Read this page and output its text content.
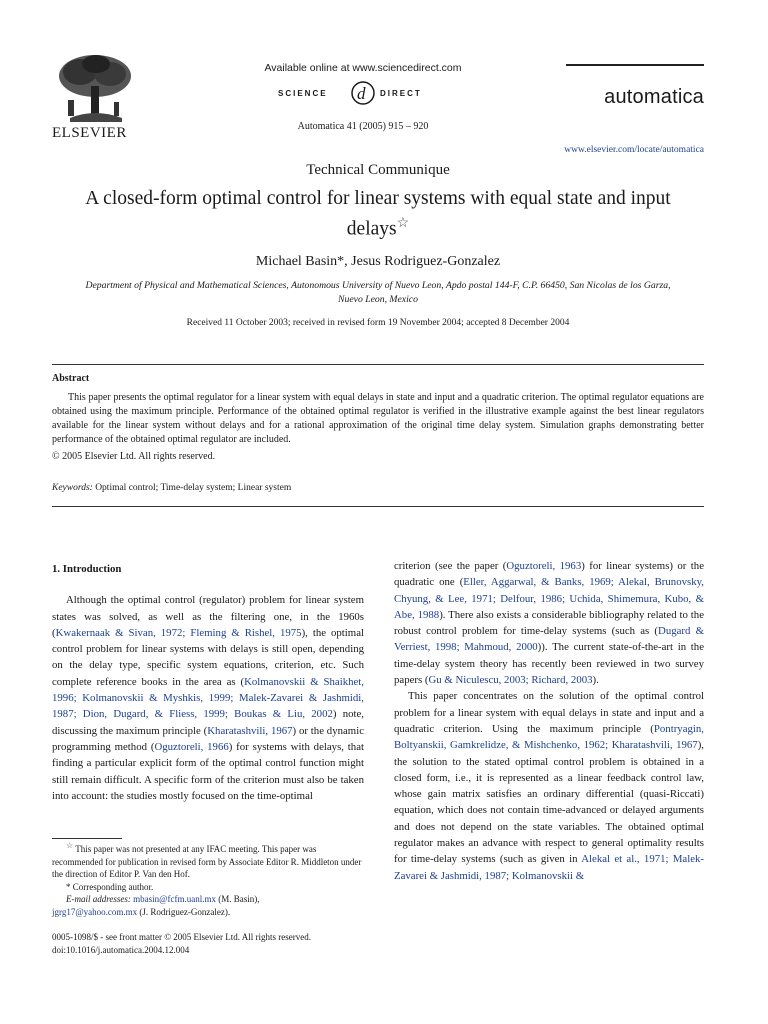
ELSEVIER
Available online at www.sciencedirect.com
SCIENCE d DIRECT
Automatica 41 (2005) 915 – 920
automatica
www.elsevier.com/locate/automatica
Technical Communique
A closed-form optimal control for linear systems with equal state and input delays☆
Michael Basin*, Jesus Rodriguez-Gonzalez
Department of Physical and Mathematical Sciences, Autonomous University of Nuevo Leon, Apdo postal 144-F, C.P. 66450, San Nicolas de los Garza,
Nuevo Leon, Mexico
Received 11 October 2003; received in revised form 19 November 2004; accepted 8 December 2004
Abstract

This paper presents the optimal regulator for a linear system with equal delays in state and input and a quadratic criterion. The optimal regulator equations are obtained using the maximum principle. Performance of the obtained optimal regulator is verified in the illustrative example against the best linear regulators available for the linear system without delays and for a rational approximation of the original time delay system. Simulation graphs demonstrating better performance of the obtained optimal regulator are included.

© 2005 Elsevier Ltd. All rights reserved.
Keywords: Optimal control; Time-delay system; Linear system

1. Introduction

Although the optimal control (regulator) problem for linear system states was solved, as well as the filtering one, in the 1960s (Kwakernaak & Sivan, 1972; Fleming & Rishel, 1975), the optimal control problem for linear systems with delays is still open, depending on the delay type, specific system equations, criterion, etc. Such complete reference books in the area as (Kolmanovskii & Shaikhet, 1996; Kolmanovskii & Myshkis, 1999; Malek-Zavarei & Jashmidi, 1987; Dion, Dugard, & Fliess, 1999; Boukas & Liu, 2002) note, discussing the maximum principle (Kharatashvili, 1967) or the dynamic programming method (Oguztoreli, 1966) for systems with delays, that finding a particular explicit form of the optimal control function might still remain difficult. A specific form of the criterion must also be taken into account: the studies mostly focused on the time-optimal

criterion (see the paper (Oguztoreli, 1963) for linear systems) or the quadratic one (Eller, Aggarwal, & Banks, 1969; Alekal, Brunovsky, Chyung, & Lee, 1971; Delfour, 1986; Uchida, Shimemura, Kubo, & Abe, 1988). There also exists a considerable bibliography related to the robust control problem for time-delay systems (such as (Dugard & Verriest, 1998; Mahmoud, 2000)). The current state-of-the-art in the time-delay system theory has recently been reviewed in two survey papers (Gu & Niculescu, 2003; Richard, 2003).

This paper concentrates on the solution of the optimal control problem for a linear system with equal delays in state and input and a quadratic criterion. Using the maximum principle (Pontryagin, Boltyanskii, Gamkrelidze, & Mishchenko, 1962; Kharatashvili, 1967), the solution to the stated optimal control problem is obtained in a closed form, i.e., it is represented as a linear feedback control law, whose gain matrix satisfies an ordinary differential (quasi-Riccati) equation, which does not contain time-advanced or delayed arguments and does not depend on the state variables. The obtained optimal regulator makes an advance with respect to general optimality results for time-delay systems (such as given in Alekal et al., 1971; Malek-Zavarei & Jashmidi, 1987; Kolmanovskii &

☆ This paper was not presented at any IFAC meeting. This paper was recommended for publication in revised form by Associate Editor R. Middleton under the direction of Editor P. Van den Hof.

* Corresponding author.

E-mail addresses: mbasin@fcfm.uanl.mx (M. Basin),

jgrg17@yahoo.com.mx (J. Rodriguez-Gonzalez).

0005-1098/$ - see front matter © 2005 Elsevier Ltd. All rights reserved.
doi:10.1016/j.automatica.2004.12.004
